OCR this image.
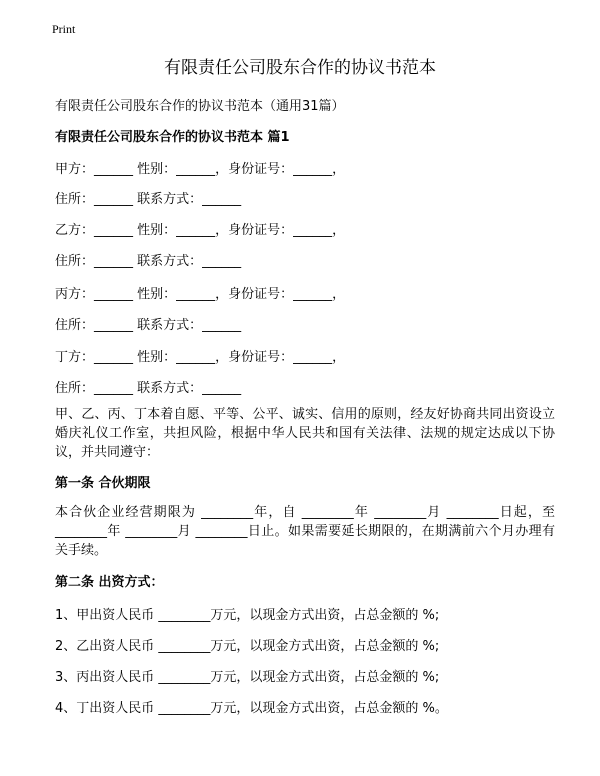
Print
有限责任公司股东合作的协议书范本
有限责任公司股东合作的协议书范本（通用31篇）
有限责任公司股东合作的协议书范本 篇1
甲方：______ 性别：______，身份证号：______，
住所：______ 联系方式：______
乙方：______ 性别：______，身份证号：______，
住所：______ 联系方式：______
丙方：______ 性别：______，身份证号：______，
住所：______ 联系方式：______
丁方：______ 性别：______，身份证号：______，
住所：______ 联系方式：______
甲、乙、丙、丁本着自愿、平等、公平、诚实、信用的原则，经友好协商共同出资设立婚庆礼仪工作室，共担风险，根据中华人民共和国有关法律、法规的规定达成以下协议，并共同遵守：
第一条 合伙期限
本合伙企业经营期限为 ________年，自 ________年 ________月 ________日起，至 ________年 ________月 ________日止。如果需要延长期限的，在期满前六个月办理有关手续。
第二条 出资方式：
1、甲出资人民币 ________万元，以现金方式出资，占总金额的 %;
2、乙出资人民币 ________万元，以现金方式出资，占总金额的 %;
3、丙出资人民币 ________万元，以现金方式出资，占总金额的 %;
4、丁出资人民币 ________万元，以现金方式出资，占总金额的 %。
